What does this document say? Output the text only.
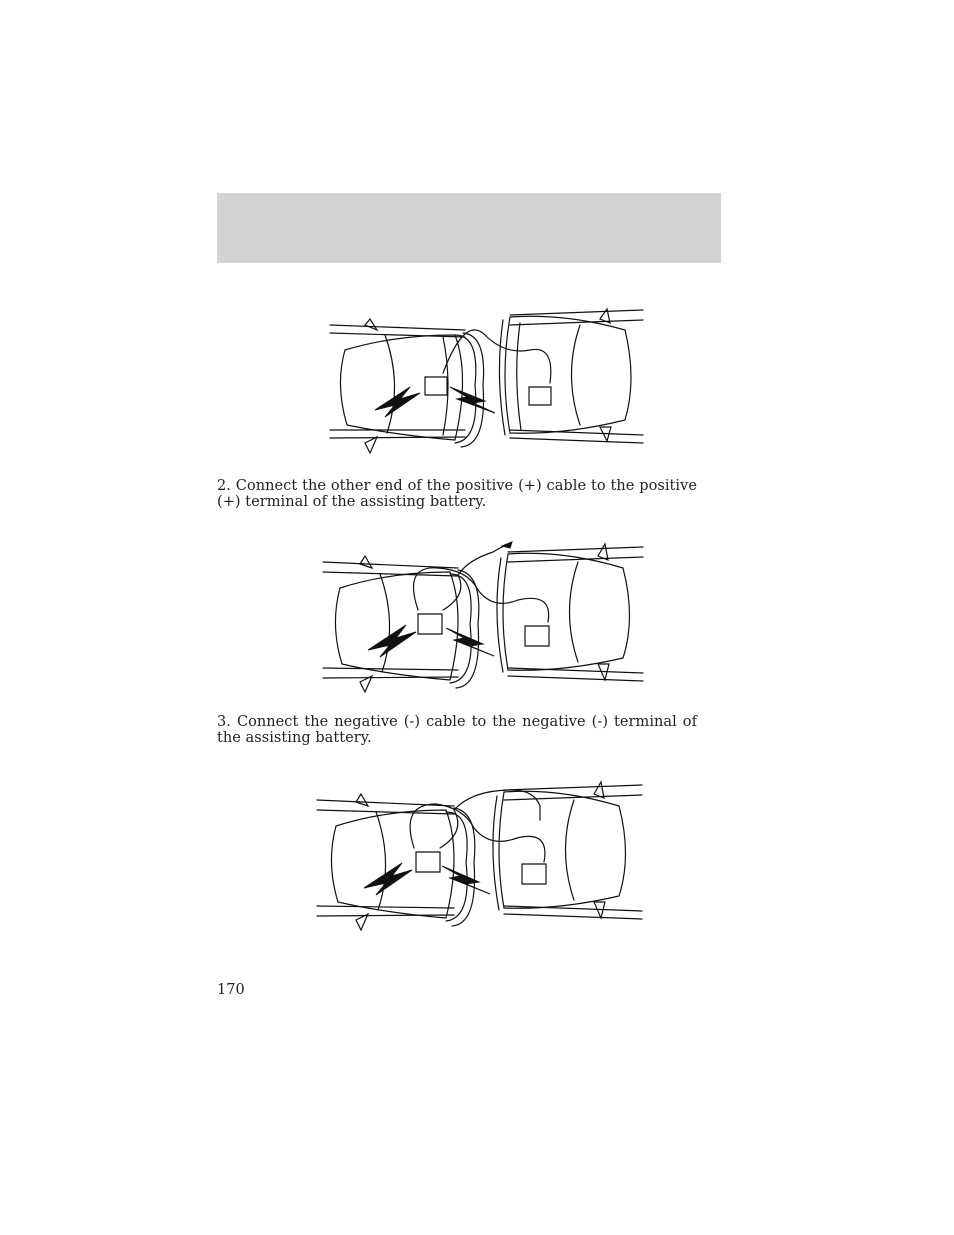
2. Connect the other end of the positive (+) cable to the positive (+) terminal of the assisting battery.
3. Connect the negative (-) cable to the negative (-) terminal of the assisting battery.
170
